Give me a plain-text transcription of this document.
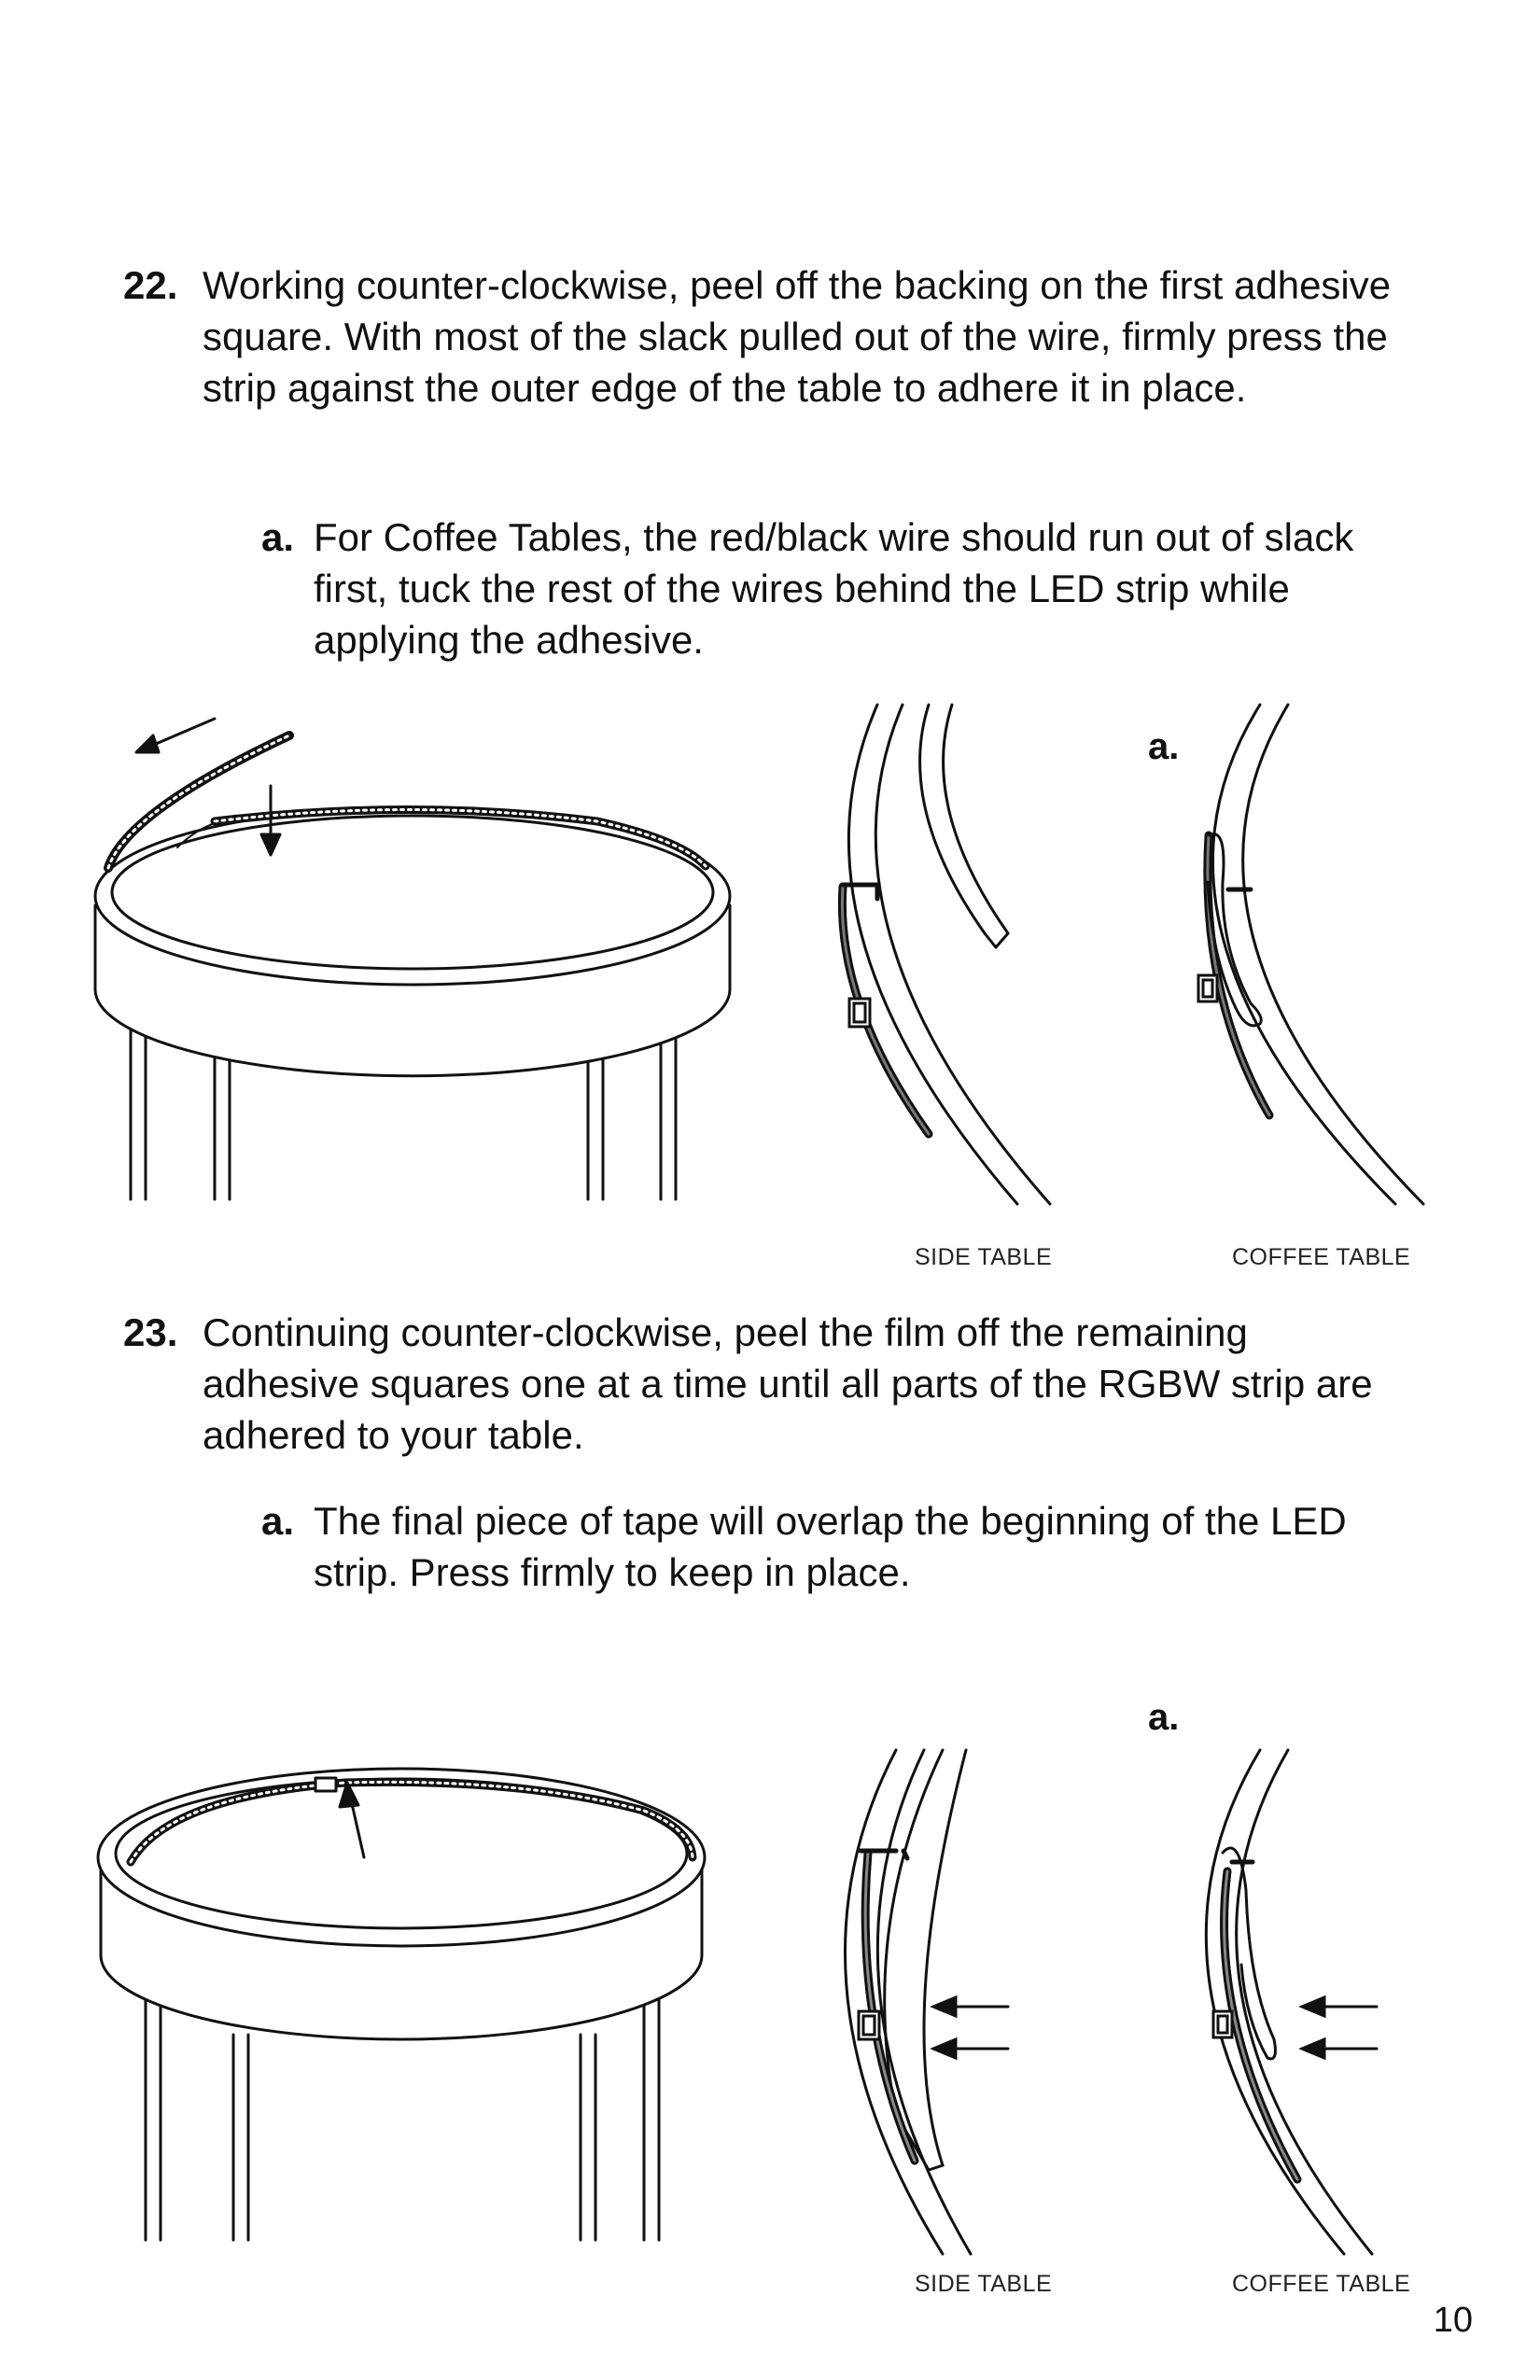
22. Working counter-clockwise, peel off the backing on the first adhesive square. With most of the slack pulled out of the wire, firmly press the strip against the outer edge of the table to adhere it in place.
a. For Coffee Tables, the red/black wire should run out of slack first, tuck the rest of the wires behind the LED strip while applying the adhesive.
a.
SIDE TABLE	COFFEE TABLE
23. Continuing counter-clockwise, peel the film off the remaining adhesive squares one at a time until all parts of the RGBW strip are adhered to your table.
a. The final piece of tape will overlap the beginning of the LED strip. Press firmly to keep in place.
a.
SIDE TABLE	COFFEE TABLE
10
